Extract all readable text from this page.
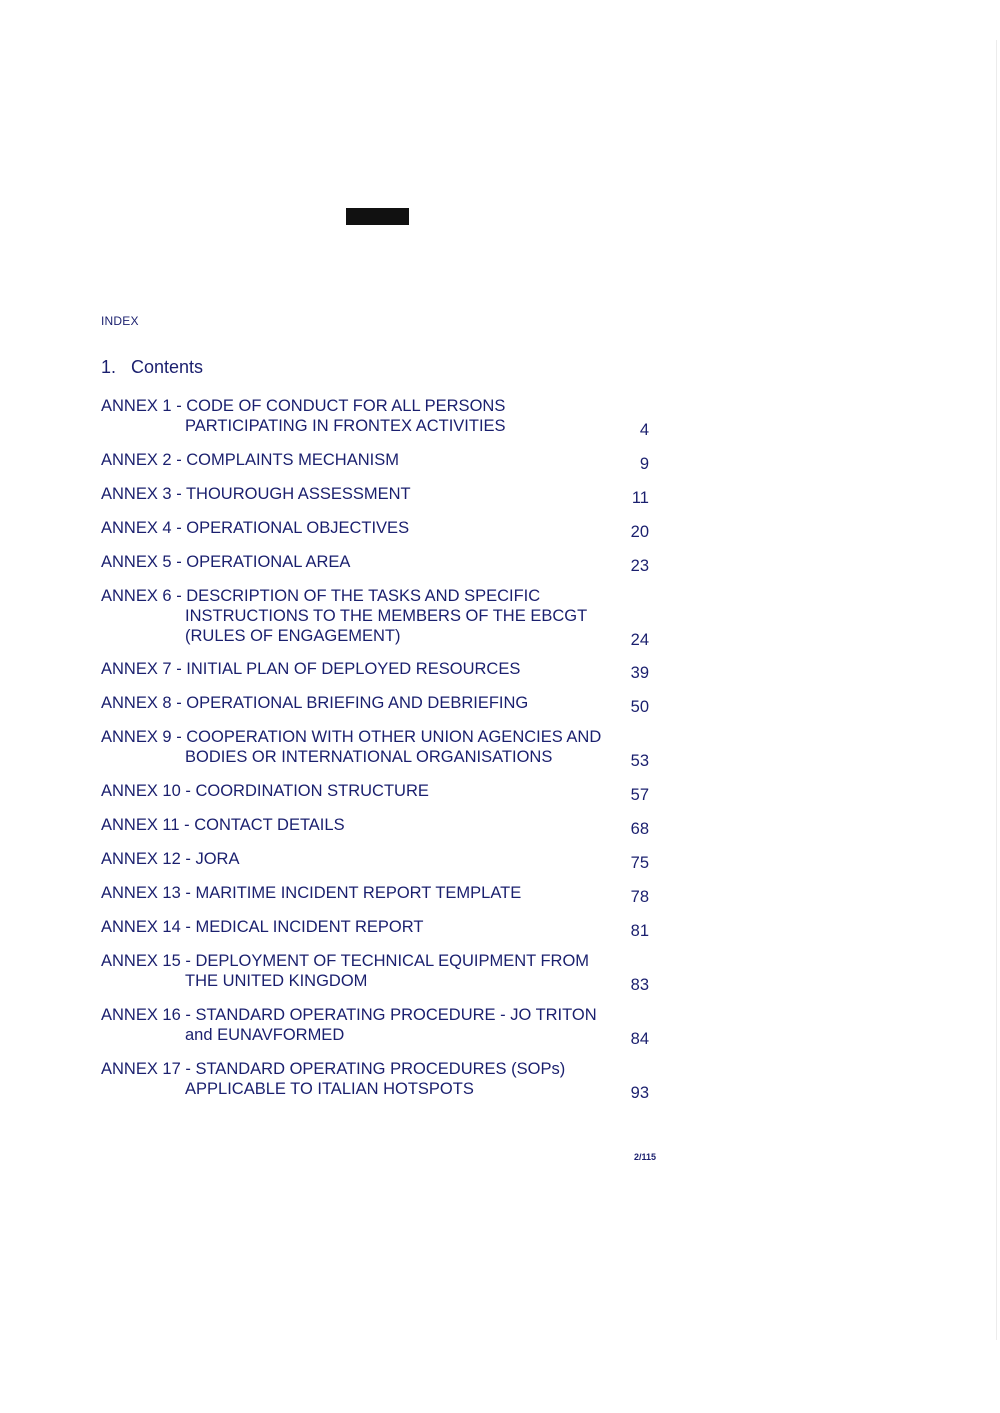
INDEX
1. Contents
ANNEX 1 - CODE OF CONDUCT FOR ALL PERSONS
PARTICIPATING IN FRONTEX ACTIVITIES	4
ANNEX 2 - COMPLAINTS MECHANISM	9
ANNEX 3 - THOUROUGH ASSESSMENT	11
ANNEX 4 - OPERATIONAL OBJECTIVES	20
ANNEX 5 - OPERATIONAL AREA	23
ANNEX 6 - DESCRIPTION OF THE TASKS AND SPECIFIC
INSTRUCTIONS TO THE MEMBERS OF THE EBCGT
(RULES OF ENGAGEMENT)	24
ANNEX 7 - INITIAL PLAN OF DEPLOYED RESOURCES	39
ANNEX 8 - OPERATIONAL BRIEFING AND DEBRIEFING	50
ANNEX 9 - COOPERATION WITH OTHER UNION AGENCIES AND
BODIES OR INTERNATIONAL ORGANISATIONS	53
ANNEX 10 - COORDINATION STRUCTURE	57
ANNEX 11 - CONTACT DETAILS	68
ANNEX 12 - JORA	75
ANNEX 13 - MARITIME INCIDENT REPORT TEMPLATE	78
ANNEX 14 - MEDICAL INCIDENT REPORT	81
ANNEX 15 - DEPLOYMENT OF TECHNICAL EQUIPMENT FROM
THE UNITED KINGDOM	83
ANNEX 16 - STANDARD OPERATING PROCEDURE - JO TRITON
and EUNAVFORMED	84
ANNEX 17 - STANDARD OPERATING PROCEDURES (SOPs)
APPLICABLE TO ITALIAN HOTSPOTS	93
2/115
